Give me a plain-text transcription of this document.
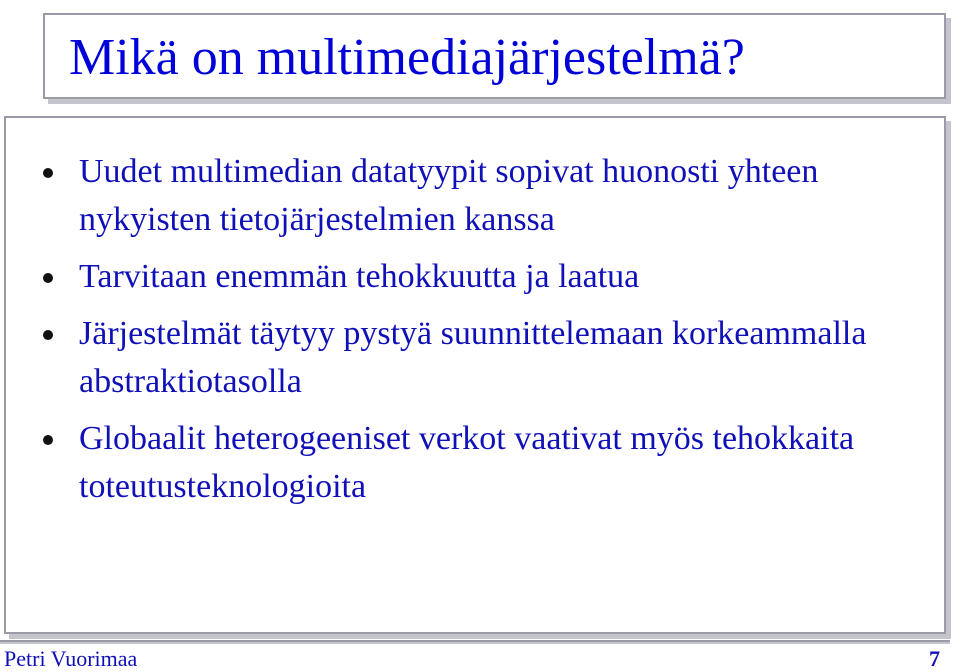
Mikä on multimediajärjestelmä?
Uudet multimedian datatyypit sopivat huonosti yhteen nykyisten tietojärjestelmien kanssa
Tarvitaan enemmän tehokkuutta ja laatua
Järjestelmät täytyy pystyä suunnittelemaan korkeammalla abstraktiotasolla
Globaalit heterogeeniset verkot vaativat myös tehokkaita toteutusteknologioita
Petri Vuorimaa	7
